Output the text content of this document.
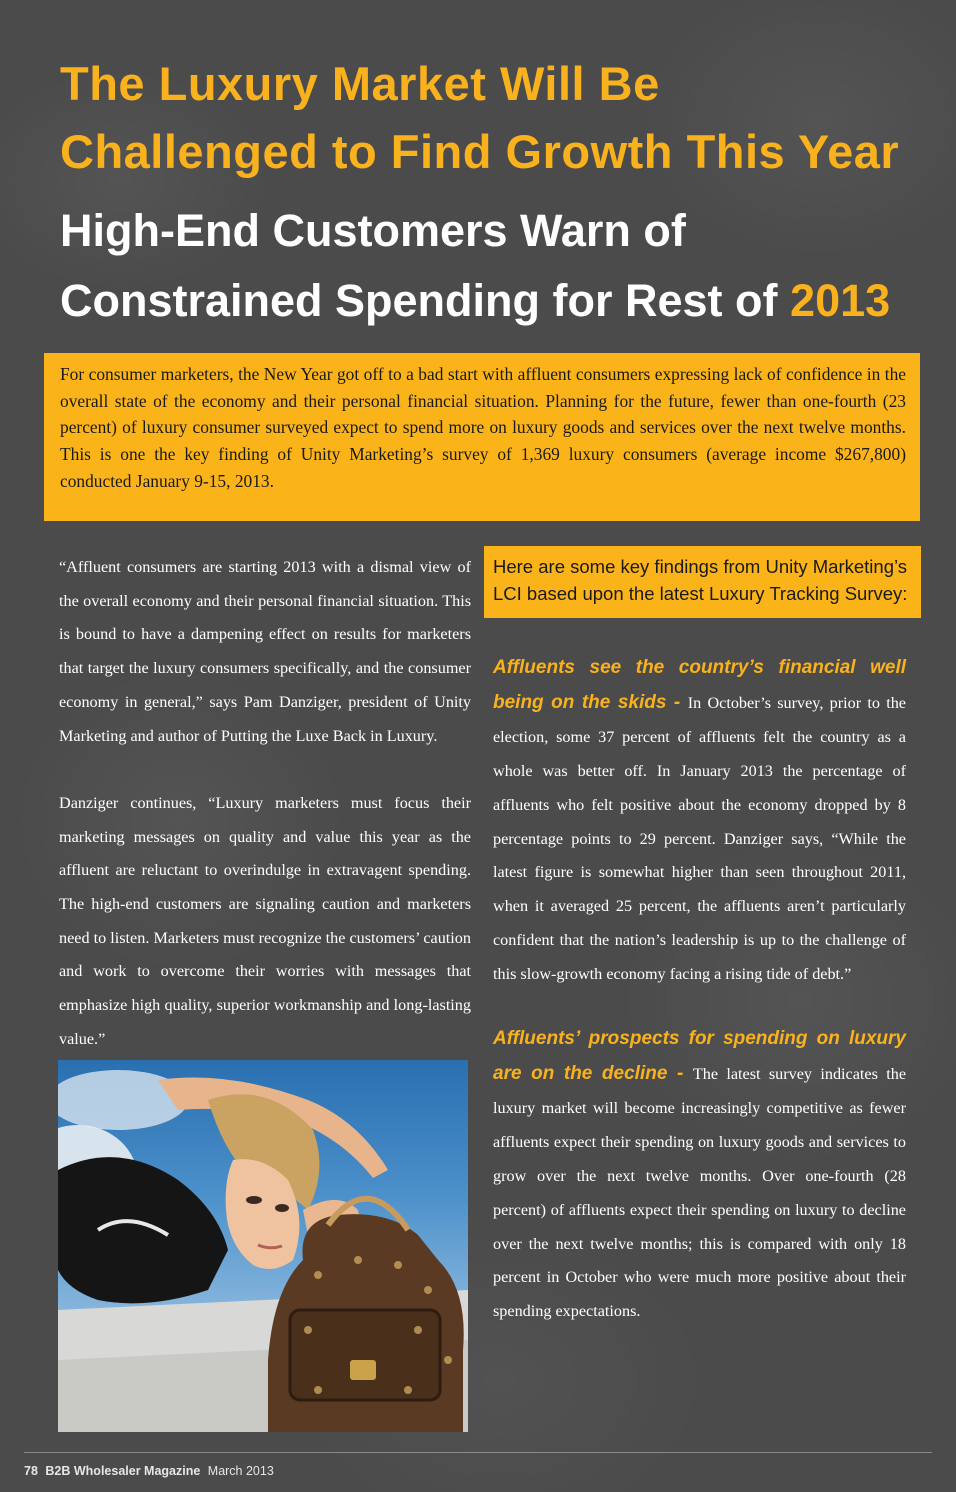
The Luxury Market Will Be
Challenged to Find Growth This Year
High-End Customers Warn of
Constrained Spending for Rest of 2013

For consumer marketers, the New Year got off to a bad start with affluent consumers expressing lack of confidence in the overall state of the economy and their personal financial situation. Planning for the future, fewer than one-fourth (23 percent) of luxury consumer surveyed expect to spend more on luxury goods and services over the next twelve months. This is one the key finding of Unity Marketing’s survey of 1,369 luxury consumers (average income $267,800) conducted January 9-15, 2013.

“Affluent consumers are starting 2013 with a dismal view of the overall economy and their personal financial situation. This is bound to have a dampening effect on results for marketers that target the luxury consumers specifically, and the consumer economy in general,” says Pam Danziger, president of Unity Marketing and author of Putting the Luxe Back in Luxury.

Danziger continues, “Luxury marketers must focus their marketing messages on quality and value this year as the affluent are reluctant to overindulge in extravagent spending. The high-end customers are signaling caution and marketers need to listen. Marketers must recognize the customers’ caution and work to overcome their worries with messages that emphasize high quality, superior workmanship and long-lasting value.”

Here are some key findings from Unity Marketing’s LCI based upon the latest Luxury Tracking Survey:

Affluents see the country’s financial well being on the skids - In October’s survey, prior to the election, some 37 percent of affluents felt the country as a whole was better off. In January 2013 the percentage of affluents who felt positive about the economy dropped by 8 percentage points to 29 percent. Danziger says, “While the latest figure is somewhat higher than seen throughout 2011, when it averaged 25 percent, the affluents aren’t particularly confident that the nation’s leadership is up to the challenge of this slow-growth economy facing a rising tide of debt.”

Affluents’ prospects for spending on luxury are on the decline - The latest survey indicates the luxury market will become increasingly competitive as fewer affluents expect their spending on luxury goods and services to grow over the next twelve months. Over one-fourth (28 percent) of affluents expect their spending on luxury to decline over the next twelve months; this is compared with only 18 percent in October who were much more positive about their spending expectations.

78 B2B Wholesaler Magazine March 2013
